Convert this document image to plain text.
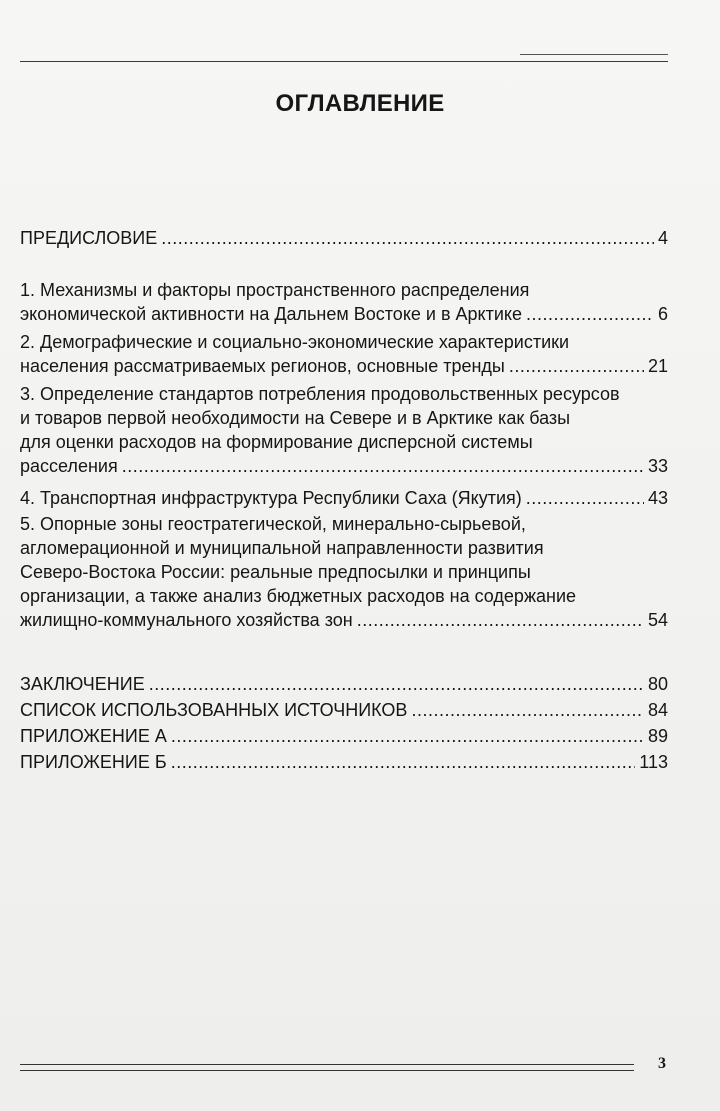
ОГЛАВЛЕНИЕ
ПРЕДИСЛОВИЕ .....	4
1. Механизмы и факторы пространственного распределения
экономической активности на Дальнем Востоке и в Арктике .....	6
2. Демографические и социально-экономические характеристики
населения рассматриваемых регионов, основные тренды .....	21
3. Определение стандартов потребления продовольственных ресурсов
и товаров первой необходимости на Севере и в Арктике как базы
для оценки расходов на формирование дисперсной системы
расселения .....	33
4. Транспортная инфраструктура Республики Саха (Якутия) .....	43
5. Опорные зоны геостратегической, минерально-сырьевой,
агломерационной и муниципальной направленности развития
Северо-Востока России: реальные предпосылки и принципы
организации, а также анализ бюджетных расходов на содержание
жилищно-коммунального хозяйства зон .....	54
ЗАКЛЮЧЕНИЕ .....	80
СПИСОК ИСПОЛЬЗОВАННЫХ ИСТОЧНИКОВ .....	84
ПРИЛОЖЕНИЕ А .....	89
ПРИЛОЖЕНИЕ Б .....	113
3
